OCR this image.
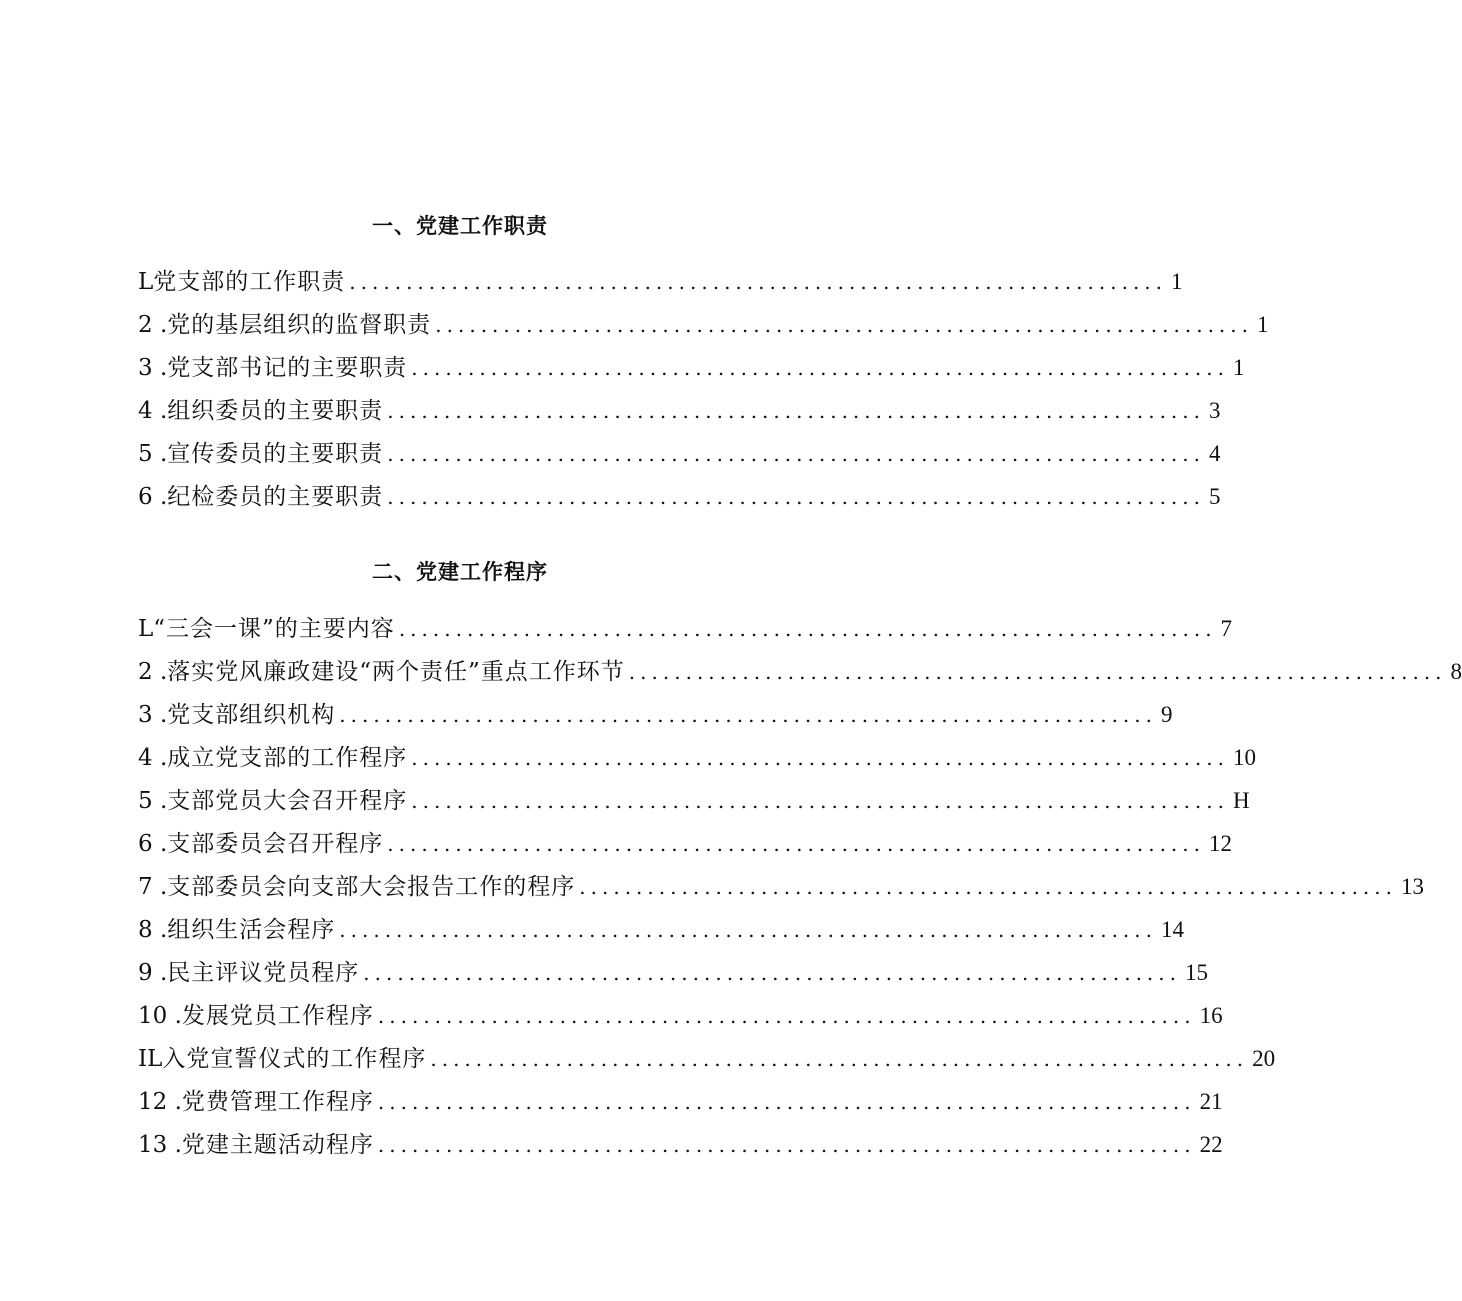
一、党建工作职责
L 党支部的工作职责 ........................................................................ 1
2 . 党的基层组织的监督职责 ........................................................................ 1
3 . 党支部书记的主要职责 ........................................................................ 1
4 . 组织委员的主要职责 ........................................................................ 3
5 . 宣传委员的主要职责 ........................................................................ 4
6 . 纪检委员的主要职责 ........................................................................ 5
二、党建工作程序
L “三会一课”的主要内容 ........................................................................ 7
2 . 落实党风廉政建设“两个责任”重点工作环节 ........................................................................ 8
3 . 党支部组织机构 ........................................................................ 9
4 . 成立党支部的工作程序 ........................................................................ 10
5 . 支部党员大会召开程序 ........................................................................ H
6 . 支部委员会召开程序 ........................................................................ 12
7 . 支部委员会向支部大会报告工作的程序 ........................................................................ 13
8 . 组织生活会程序 ........................................................................ 14
9 . 民主评议党员程序 ........................................................................ 15
10 . 发展党员工作程序 ........................................................................ 16
IL 入党宣誓仪式的工作程序 ........................................................................ 20
12 . 党费管理工作程序 ........................................................................ 21
13 . 党建主题活动程序 ........................................................................ 22
